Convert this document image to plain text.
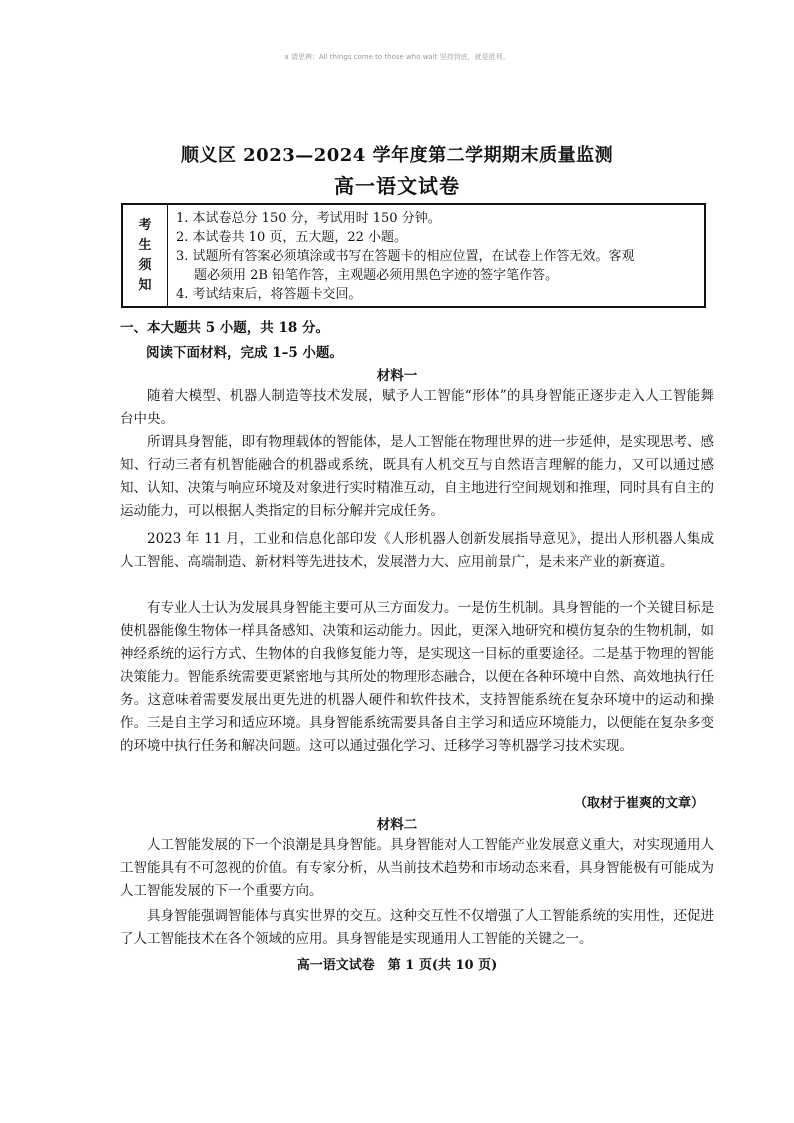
a 请思辨：All things come to those who wait 坚持到底，就是胜利。
顺义区 2023—2024 学年度第二学期期末质量监测
高一语文试卷
考
生
须
知
1. 本试卷总分 150 分，考试用时 150 分钟。
2. 本试卷共 10 页，五大题，22 小题。
3. 试题所有答案必须填涂或书写在答题卡的相应位置，在试卷上作答无效。客观
题必须用 2B 铅笔作答，主观题必须用黑色字迹的签字笔作答。
4. 考试结束后，将答题卡交回。
一、本大题共 5 小题，共 18 分。
阅读下面材料，完成 1–5 小题。
材料一

随着大模型、机器人制造等技术发展，赋予人工智能“形体”的具身智能正逐步走入人工智能舞台中央。

所谓具身智能，即有物理载体的智能体，是人工智能在物理世界的进一步延伸，是实现思考、感知、行动三者有机智能融合的机器或系统，既具有人机交互与自然语言理解的能力，又可以通过感知、认知、决策与响应环境及对象进行实时精准互动，自主地进行空间规划和推理，同时具有自主的运动能力，可以根据人类指定的目标分解并完成任务。

2023 年 11 月，工业和信息化部印发《人形机器人创新发展指导意见》，提出人形机器人集成人工智能、高端制造、新材料等先进技术，发展潜力大、应用前景广，是未来产业的新赛道。

有专业人士认为发展具身智能主要可从三方面发力。一是仿生机制。具身智能的一个关键目标是使机器能像生物体一样具备感知、决策和运动能力。因此，更深入地研究和模仿复杂的生物机制，如神经系统的运行方式、生物体的自我修复能力等，是实现这一目标的重要途径。二是基于物理的智能决策能力。智能系统需要更紧密地与其所处的物理形态融合，以便在各种环境中自然、高效地执行任务。这意味着需要发展出更先进的机器人硬件和软件技术，支持智能系统在复杂环境中的运动和操作。三是自主学习和适应环境。具身智能系统需要具备自主学习和适应环境能力，以便能在复杂多变的环境中执行任务和解决问题。这可以通过强化学习、迁移学习等机器学习技术实现。

（取材于崔爽的文章）
材料二

人工智能发展的下一个浪潮是具身智能。具身智能对人工智能产业发展意义重大，对实现通用人工智能具有不可忽视的价值。有专家分析，从当前技术趋势和市场动态来看，具身智能极有可能成为人工智能发展的下一个重要方向。

具身智能强调智能体与真实世界的交互。这种交互性不仅增强了人工智能系统的实用性，还促进了人工智能技术在各个领域的应用。具身智能是实现通用人工智能的关键之一。

高一语文试卷　第 1 页(共 10 页)
